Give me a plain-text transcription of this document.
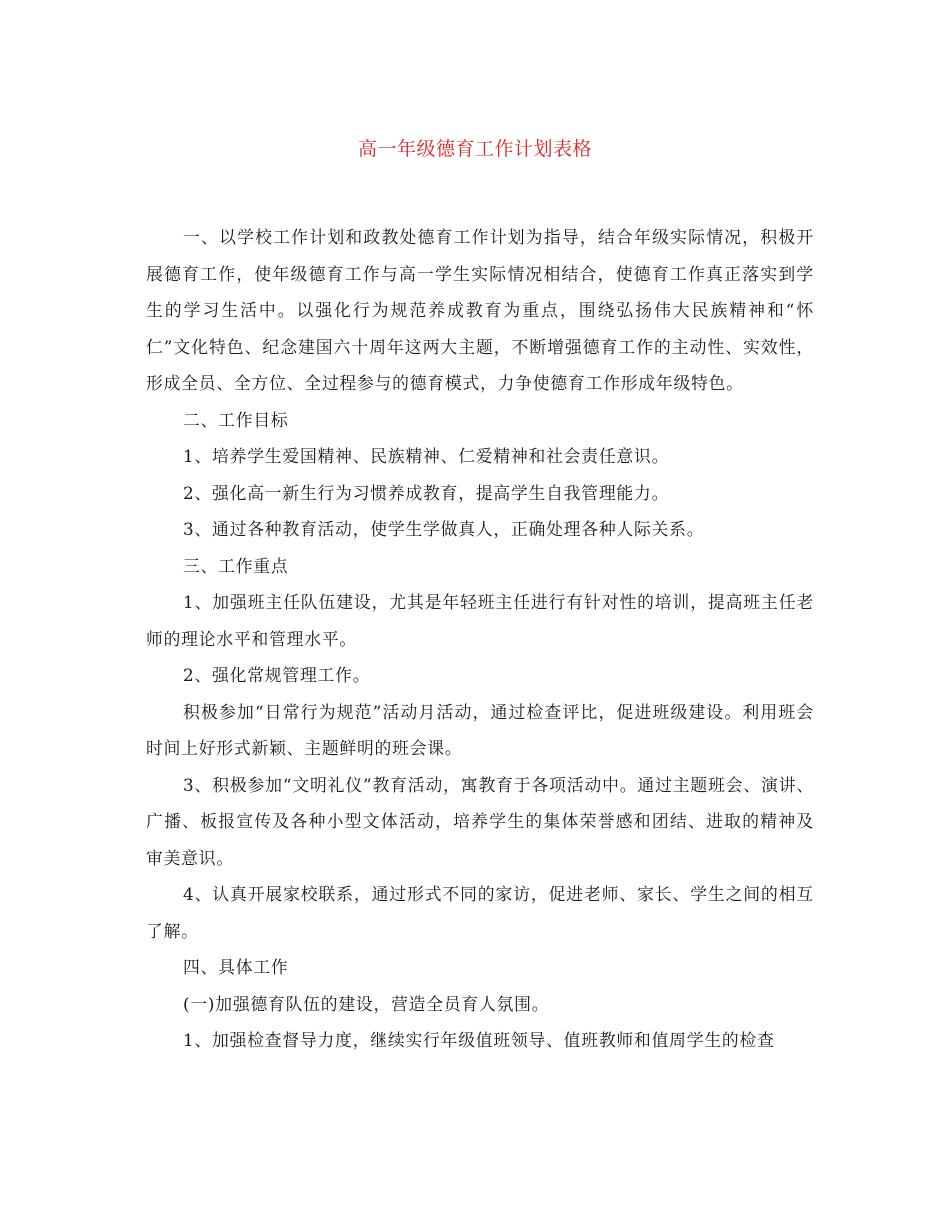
高一年级德育工作计划表格

一、以学校工作计划和政教处德育工作计划为指导，结合年级实际情况，积极开展德育工作，使年级德育工作与高一学生实际情况相结合，使德育工作真正落实到学生的学习生活中。以强化行为规范养成教育为重点，围绕弘扬伟大民族精神和“怀仁”文化特色、纪念建国六十周年这两大主题，不断增强德育工作的主动性、实效性，形成全员、全方位、全过程参与的德育模式，力争使德育工作形成年级特色。

二、工作目标

1、培养学生爱国精神、民族精神、仁爱精神和社会责任意识。

2、强化高一新生行为习惯养成教育，提高学生自我管理能力。

3、通过各种教育活动，使学生学做真人，正确处理各种人际关系。

三、工作重点

1、加强班主任队伍建设，尤其是年轻班主任进行有针对性的培训，提高班主任老师的理论水平和管理水平。

2、强化常规管理工作。

积极参加“日常行为规范”活动月活动，通过检查评比，促进班级建设。利用班会时间上好形式新颖、主题鲜明的班会课。

3、积极参加“文明礼仪”教育活动，寓教育于各项活动中。通过主题班会、演讲、广播、板报宣传及各种小型文体活动，培养学生的集体荣誉感和团结、进取的精神及审美意识。

4、认真开展家校联系，通过形式不同的家访，促进老师、家长、学生之间的相互了解。

四、具体工作

(一)加强德育队伍的建设，营造全员育人氛围。

1、加强检查督导力度，继续实行年级值班领导、值班教师和值周学生的检查
